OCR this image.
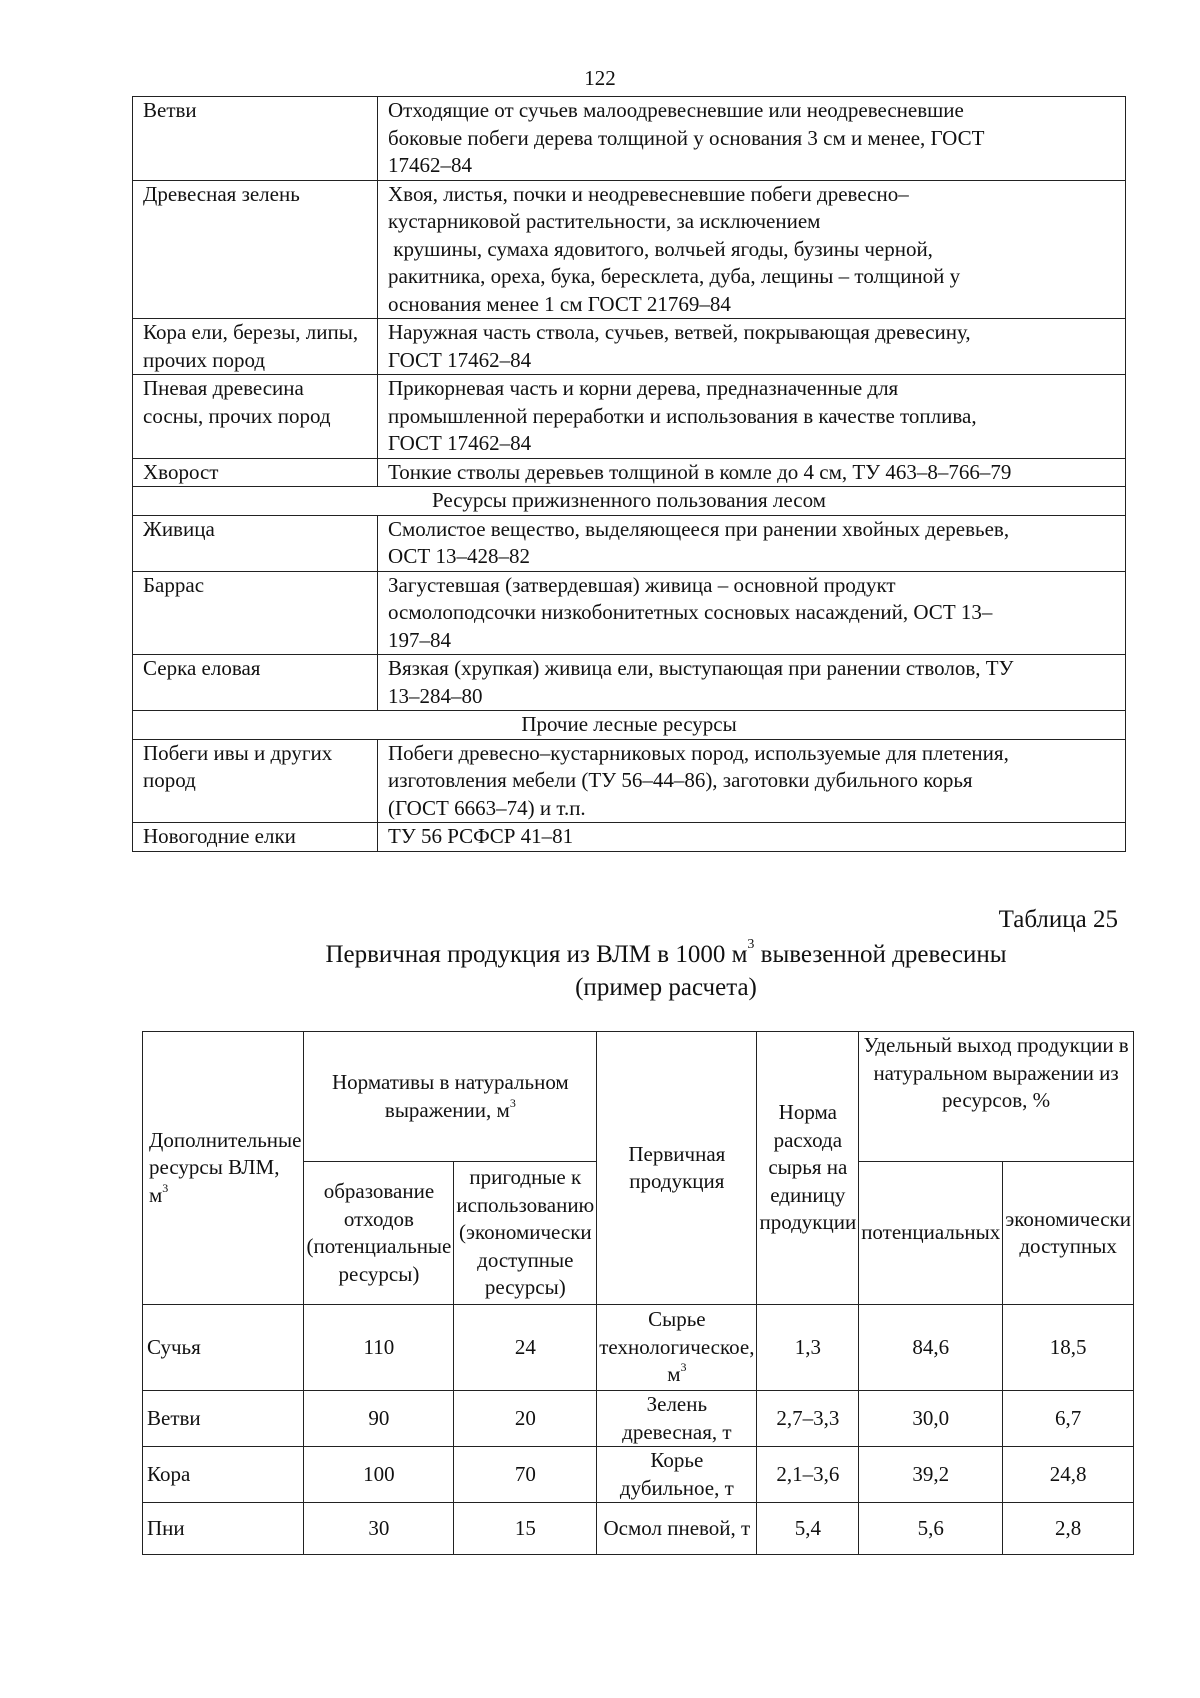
122
Ветви	Отходящие от сучьев малоодревесневшие или неодревесневшие
боковые побеги дерева толщиной у основания 3 см и менее, ГОСТ
17462–84

Древесная зелень	Хвоя, листья, почки и неодревесневшие побеги древесно–
кустарниковой растительности, за исключением
крушины, сумаха ядовитого, волчьей ягоды, бузины черной,
ракитника, ореха, бука, бересклета, дуба, лещины – толщиной у
основания менее 1 см ГОСТ 21769–84

Кора ели, березы, липы, прочих пород	Наружная часть ствола, сучьев, ветвей, покрывающая древесину,
ГОСТ 17462–84

Пневая древесина сосны, прочих пород	Прикорневая часть и корни дерева, предназначенные для
промышленной переработки и использования в качестве топлива,
ГОСТ 17462–84

Хворост	Тонкие стволы деревьев толщиной в комле до 4 см, ТУ 463–8–766–79

Ресурсы прижизненного пользования лесом	
Живица	Смолистое вещество, выделяющееся при ранении хвойных деревьев,
ОСТ 13–428–82

Баррас	Загустевшая (затвердевшая) живица – основной продукт
осмолоподсочки низкобонитетных сосновых насаждений, ОСТ 13–
197–84

Серка еловая	Вязкая (хрупкая) живица ели, выступающая при ранении стволов, ТУ
13–284–80

Прочие лесные ресурсы	
Побеги ивы и других пород	Побеги древесно–кустарниковых пород, используемые для плетения,
изготовления мебели (ТУ 56–44–86), заготовки дубильного корья
(ГОСТ 6663–74) и т.п.

Новогодние елки	ТУ 56 РСФСР 41–81
Таблица 25
Первичная продукция из ВЛМ в 1000 $м^3$ вывезенной древесины
(пример расчета)
Дополнительные ресурсы ВЛМ, $м^3$	Нормативы в натуральном выражении, $м^3$		Первичная продукция	Норма расхода сырья на единицу продукции	Удельный выход продукции в натуральном выражении из ресурсов, %	
	образование отходов (потенциальные ресурсы)	пригодные к использованию (экономически доступные ресурсы)			потенциальных	экономически доступных
Сучья	110	24	Сырье технологическое, $м^3$	1,3	84,6	18,5
Ветви	90	20	Зелень древесная, т	2,7–3,3	30,0	6,7
Кора	100	70	Корье дубильное, т	2,1–3,6	39,2	24,8
Пни	30	15	Осмол пневой, т	5,4	5,6	2,8
